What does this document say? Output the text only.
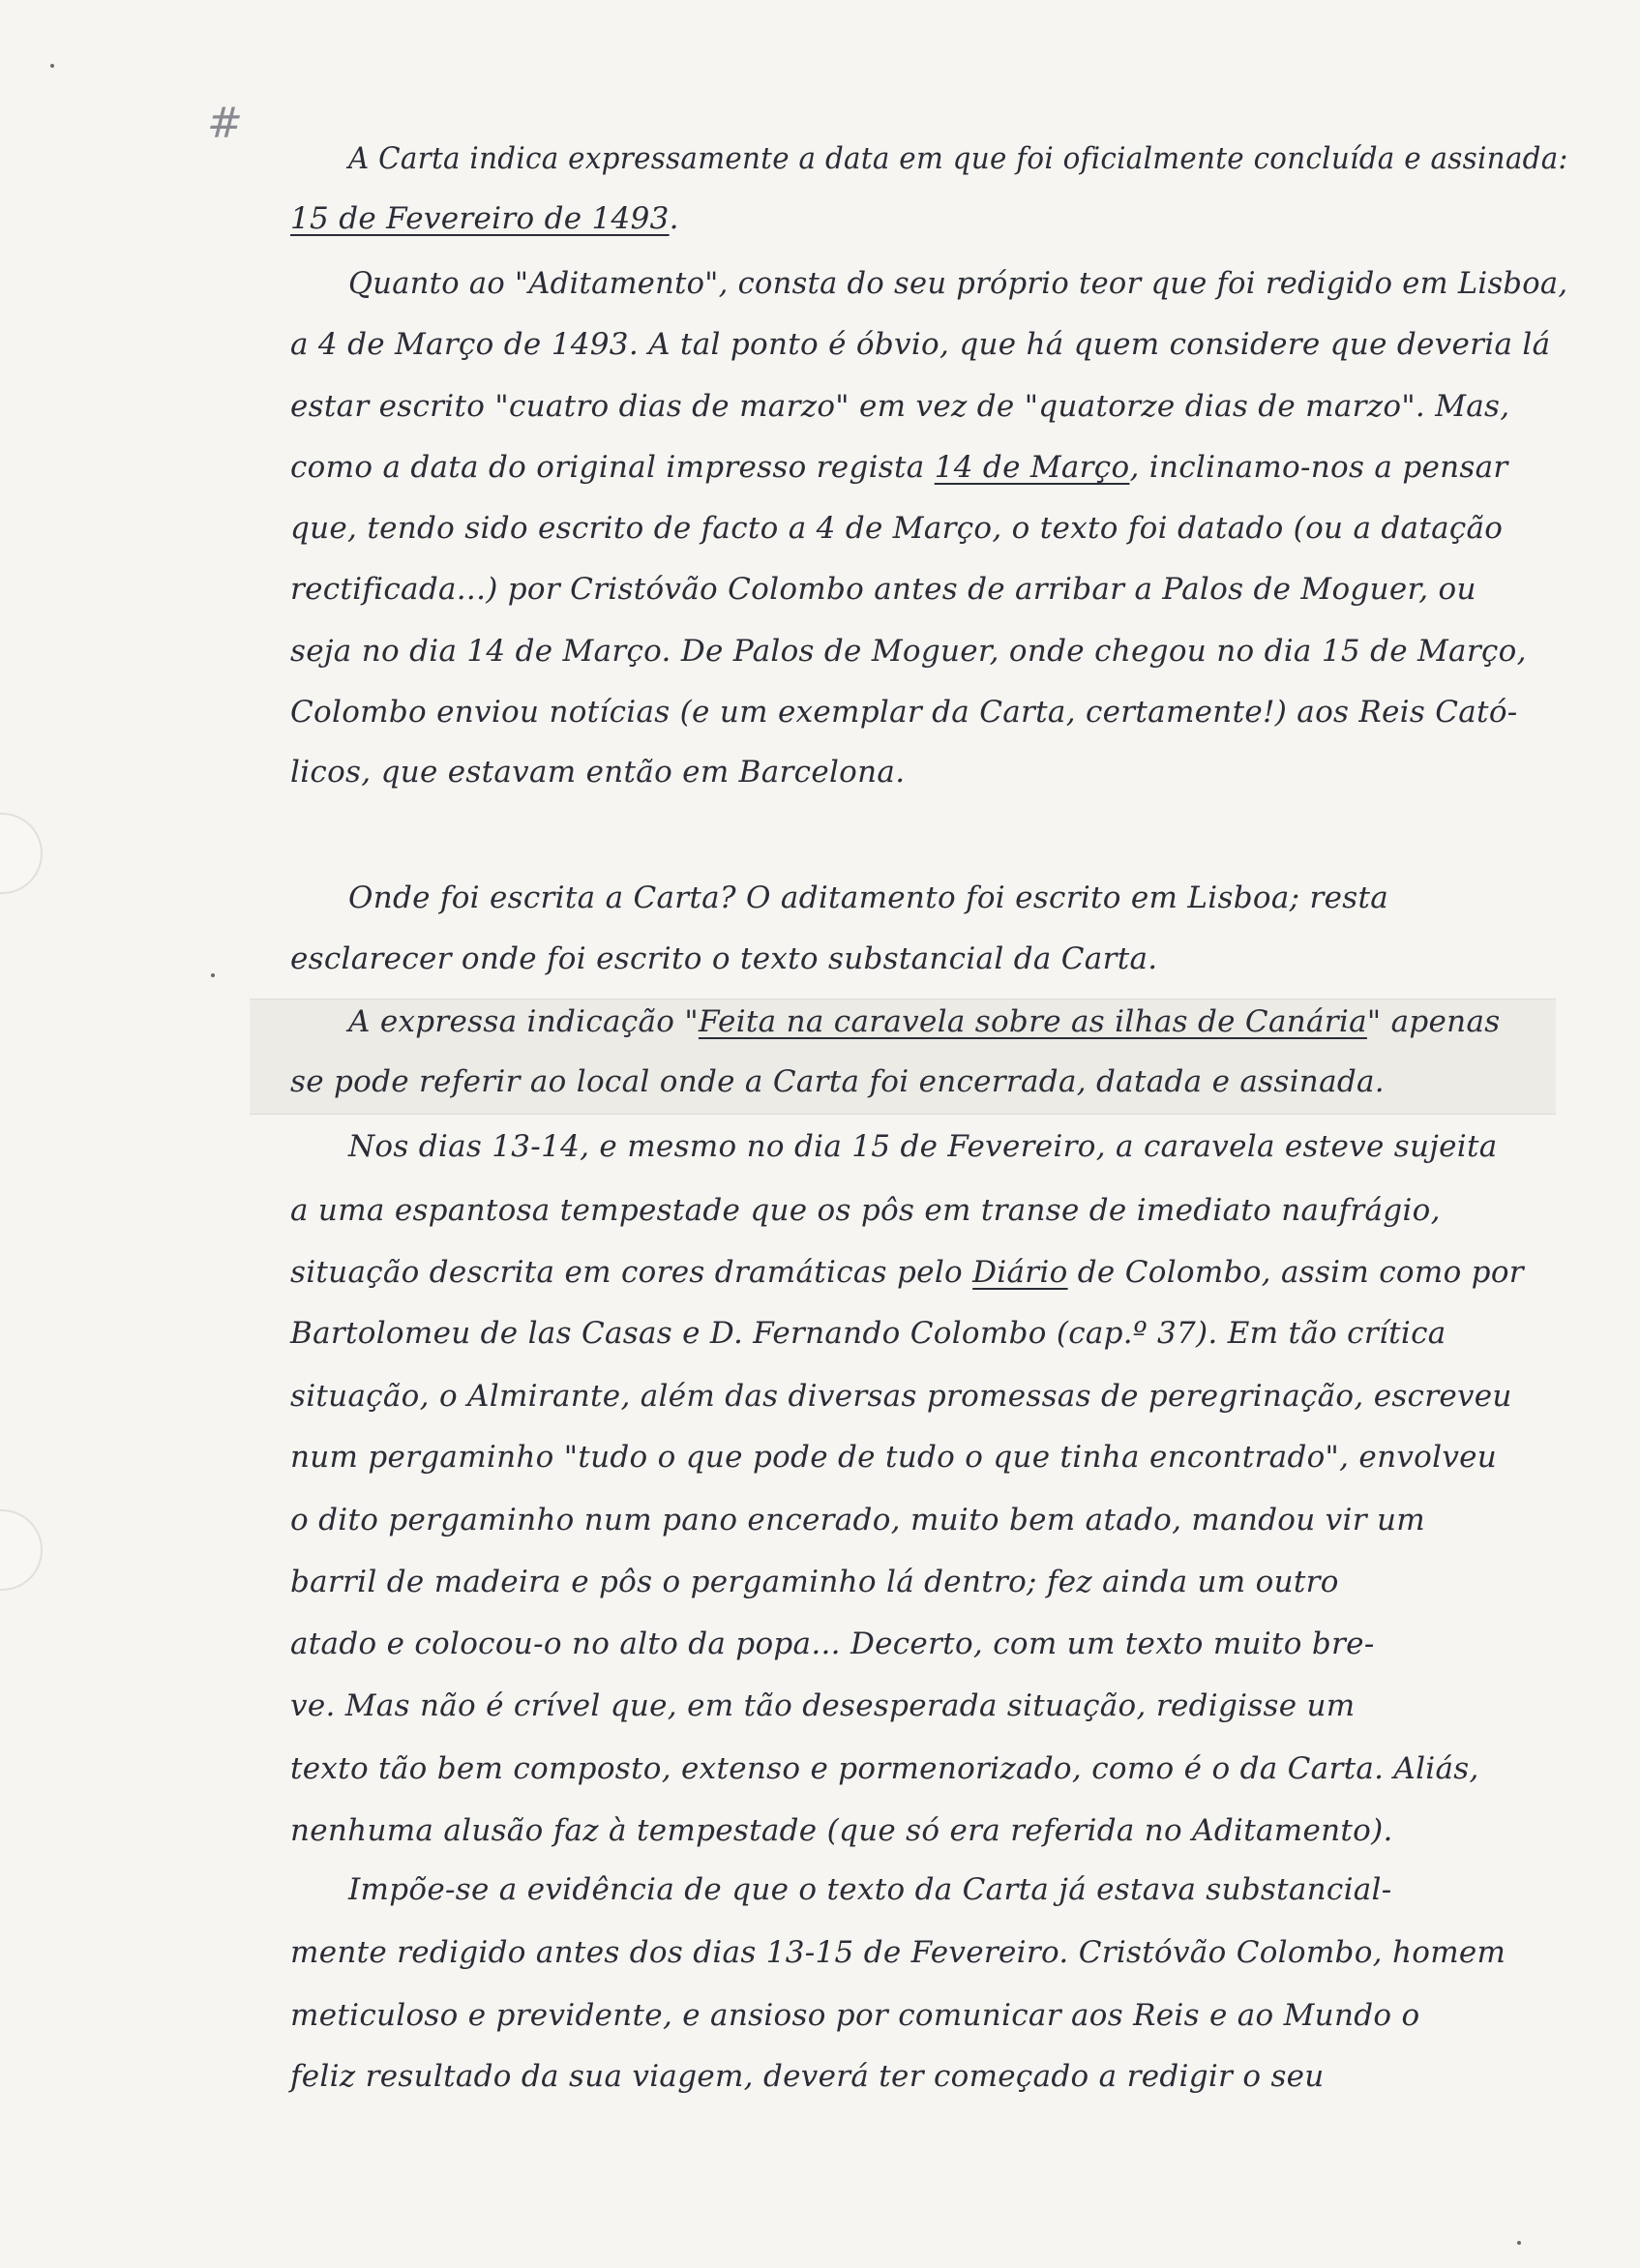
#
A Carta indica expressamente a data em que foi oficialmente concluída e assinada:
15 de Fevereiro de 1493.
Quanto ao "Aditamento", consta do seu próprio teor que foi redigido em Lisboa,
a 4 de Março de 1493. A tal ponto é óbvio, que há quem considere que deveria lá
estar escrito "cuatro dias de marzo" em vez de "quatorze dias de marzo". Mas,
como a data do original impresso regista 14 de Março, inclinamo-nos a pensar
que, tendo sido escrito de facto a 4 de Março, o texto foi datado (ou a datação
rectificada...) por Cristóvão Colombo antes de arribar a Palos de Moguer, ou
seja no dia 14 de Março. De Palos de Moguer, onde chegou no dia 15 de Março,
Colombo enviou notícias (e um exemplar da Carta, certamente!) aos Reis Cató-
licos, que estavam então em Barcelona.
Onde foi escrita a Carta? O aditamento foi escrito em Lisboa; resta
esclarecer onde foi escrito o texto substancial da Carta.
A expressa indicação "Feita na caravela sobre as ilhas de Canária" apenas
se pode referir ao local onde a Carta foi encerrada, datada e assinada.
Nos dias 13-14, e mesmo no dia 15 de Fevereiro, a caravela esteve sujeita
a uma espantosa tempestade que os pôs em transe de imediato naufrágio,
situação descrita em cores dramáticas pelo Diário de Colombo, assim como por
Bartolomeu de las Casas e D. Fernando Colombo (cap.º 37). Em tão crítica
situação, o Almirante, além das diversas promessas de peregrinação, escreveu
num pergaminho "tudo o que pode de tudo o que tinha encontrado", envolveu
o dito pergaminho num pano encerado, muito bem atado, mandou vir um
barril de madeira e pôs o pergaminho lá dentro; fez ainda um outro
atado e colocou-o no alto da popa... Decerto, com um texto muito bre-
ve. Mas não é crível que, em tão desesperada situação, redigisse um
texto tão bem composto, extenso e pormenorizado, como é o da Carta. Aliás,
nenhuma alusão faz à tempestade (que só era referida no Aditamento).
Impõe-se a evidência de que o texto da Carta já estava substancial-
mente redigido antes dos dias 13-15 de Fevereiro. Cristóvão Colombo, homem
meticuloso e previdente, e ansioso por comunicar aos Reis e ao Mundo o
feliz resultado da sua viagem, deverá ter começado a redigir o seu
